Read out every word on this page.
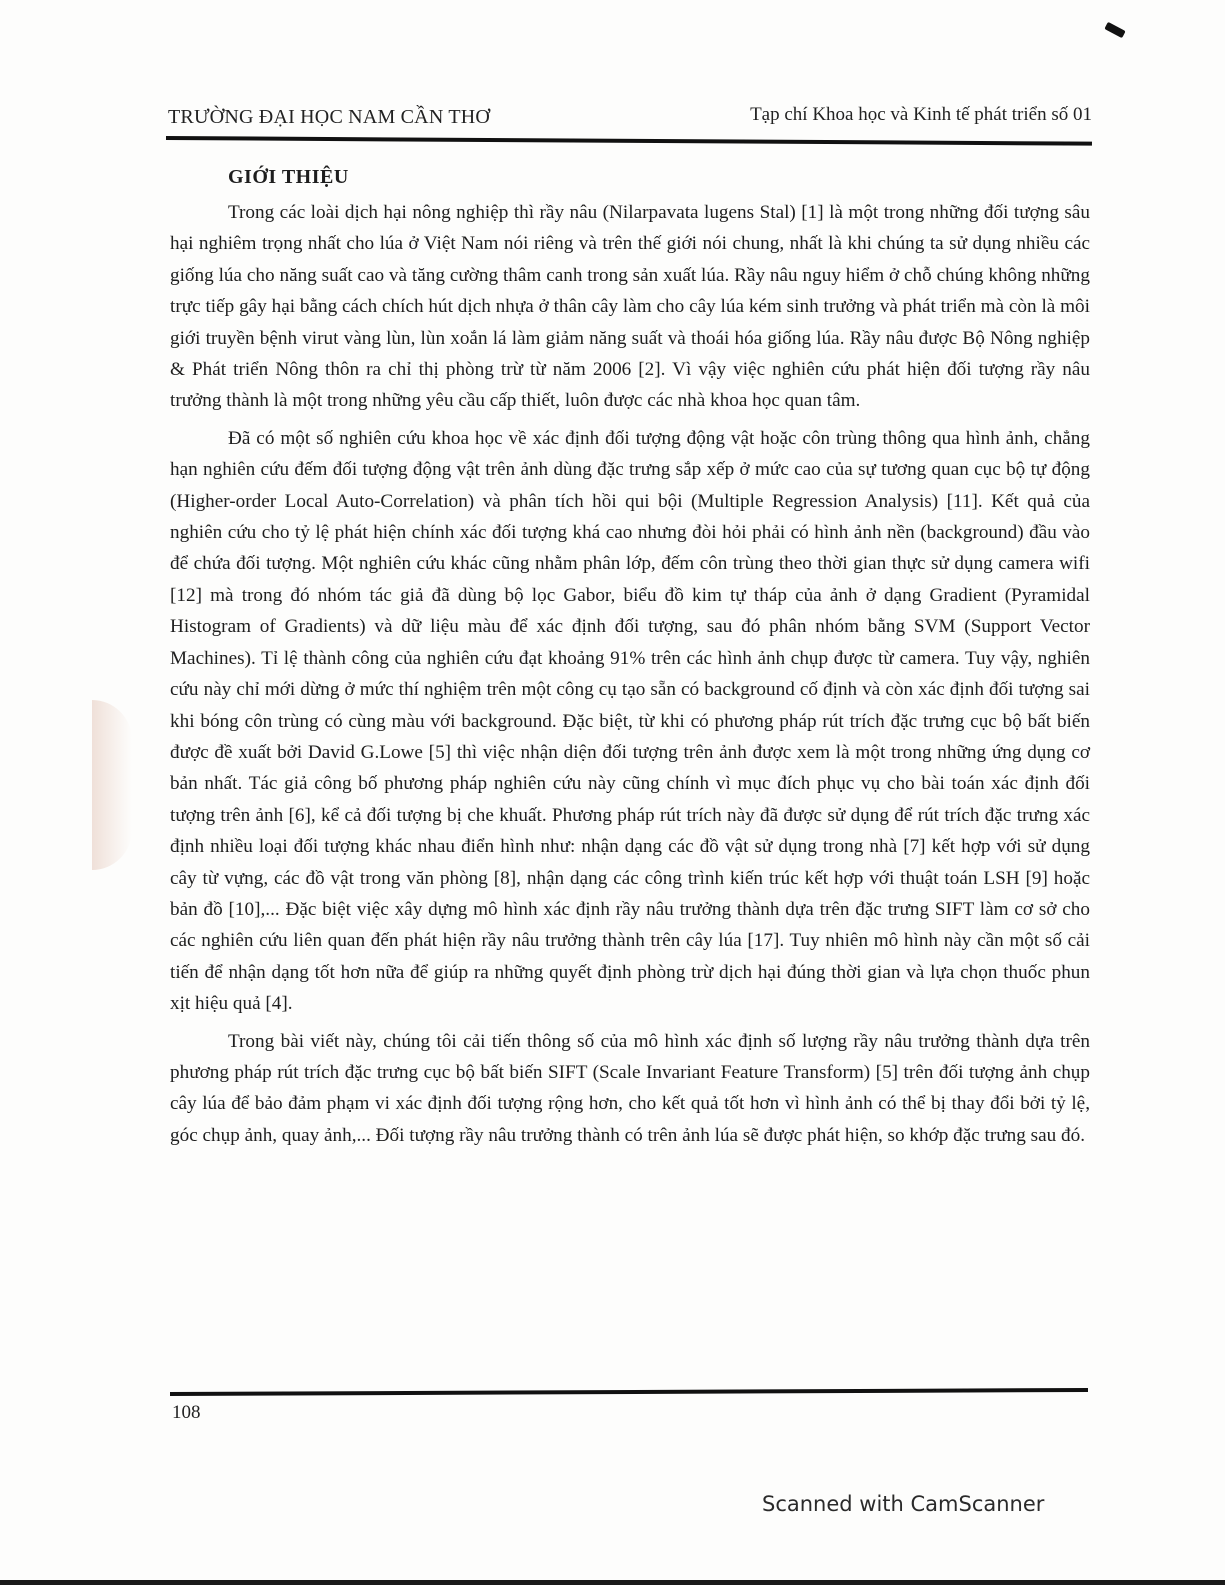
TRƯỜNG ĐẠI HỌC NAM CẦN THƠ	Tạp chí Khoa học và Kinh tế phát triển số 01
GIỚI THIỆU

Trong các loài dịch hại nông nghiệp thì rầy nâu (Nilarpavata lugens Stal) [1] là một trong những đối tượng sâu hại nghiêm trọng nhất cho lúa ở Việt Nam nói riêng và trên thế giới nói chung, nhất là khi chúng ta sử dụng nhiều các giống lúa cho năng suất cao và tăng cường thâm canh trong sản xuất lúa. Rầy nâu nguy hiểm ở chỗ chúng không những trực tiếp gây hại bằng cách chích hút dịch nhựa ở thân cây làm cho cây lúa kém sinh trưởng và phát triển mà còn là môi giới truyền bệnh virut vàng lùn, lùn xoắn lá làm giảm năng suất và thoái hóa giống lúa. Rầy nâu được Bộ Nông nghiệp & Phát triển Nông thôn ra chỉ thị phòng trừ từ năm 2006 [2]. Vì vậy việc nghiên cứu phát hiện đối tượng rầy nâu trưởng thành là một trong những yêu cầu cấp thiết, luôn được các nhà khoa học quan tâm.

Đã có một số nghiên cứu khoa học về xác định đối tượng động vật hoặc côn trùng thông qua hình ảnh, chẳng hạn nghiên cứu đếm đối tượng động vật trên ảnh dùng đặc trưng sắp xếp ở mức cao của sự tương quan cục bộ tự động (Higher-order Local Auto-Correlation) và phân tích hồi qui bội (Multiple Regression Analysis) [11]. Kết quả của nghiên cứu cho tỷ lệ phát hiện chính xác đối tượng khá cao nhưng đòi hỏi phải có hình ảnh nền (background) đầu vào để chứa đối tượng. Một nghiên cứu khác cũng nhằm phân lớp, đếm côn trùng theo thời gian thực sử dụng camera wifi [12] mà trong đó nhóm tác giả đã dùng bộ lọc Gabor, biểu đồ kim tự tháp của ảnh ở dạng Gradient (Pyramidal Histogram of Gradients) và dữ liệu màu để xác định đối tượng, sau đó phân nhóm bằng SVM (Support Vector Machines). Tỉ lệ thành công của nghiên cứu đạt khoảng 91% trên các hình ảnh chụp được từ camera. Tuy vậy, nghiên cứu này chỉ mới dừng ở mức thí nghiệm trên một công cụ tạo sẵn có background cố định và còn xác định đối tượng sai khi bóng côn trùng có cùng màu với background. Đặc biệt, từ khi có phương pháp rút trích đặc trưng cục bộ bất biến được đề xuất bởi David G.Lowe [5] thì việc nhận diện đối tượng trên ảnh được xem là một trong những ứng dụng cơ bản nhất. Tác giả công bố phương pháp nghiên cứu này cũng chính vì mục đích phục vụ cho bài toán xác định đối tượng trên ảnh [6], kể cả đối tượng bị che khuất. Phương pháp rút trích này đã được sử dụng để rút trích đặc trưng xác định nhiều loại đối tượng khác nhau điển hình như: nhận dạng các đồ vật sử dụng trong nhà [7] kết hợp với sử dụng cây từ vựng, các đồ vật trong văn phòng [8], nhận dạng các công trình kiến trúc kết hợp với thuật toán LSH [9] hoặc bản đồ [10],... Đặc biệt việc xây dựng mô hình xác định rầy nâu trưởng thành dựa trên đặc trưng SIFT làm cơ sở cho các nghiên cứu liên quan đến phát hiện rầy nâu trưởng thành trên cây lúa [17]. Tuy nhiên mô hình này cần một số cải tiến để nhận dạng tốt hơn nữa để giúp ra những quyết định phòng trừ dịch hại đúng thời gian và lựa chọn thuốc phun xịt hiệu quả [4].

Trong bài viết này, chúng tôi cải tiến thông số của mô hình xác định số lượng rầy nâu trưởng thành dựa trên phương pháp rút trích đặc trưng cục bộ bất biến SIFT (Scale Invariant Feature Transform) [5] trên đối tượng ảnh chụp cây lúa để bảo đảm phạm vi xác định đối tượng rộng hơn, cho kết quả tốt hơn vì hình ảnh có thể bị thay đổi bởi tỷ lệ, góc chụp ảnh, quay ảnh,... Đối tượng rầy nâu trưởng thành có trên ảnh lúa sẽ được phát hiện, so khớp đặc trưng sau đó.

108
Scanned with CamScanner
